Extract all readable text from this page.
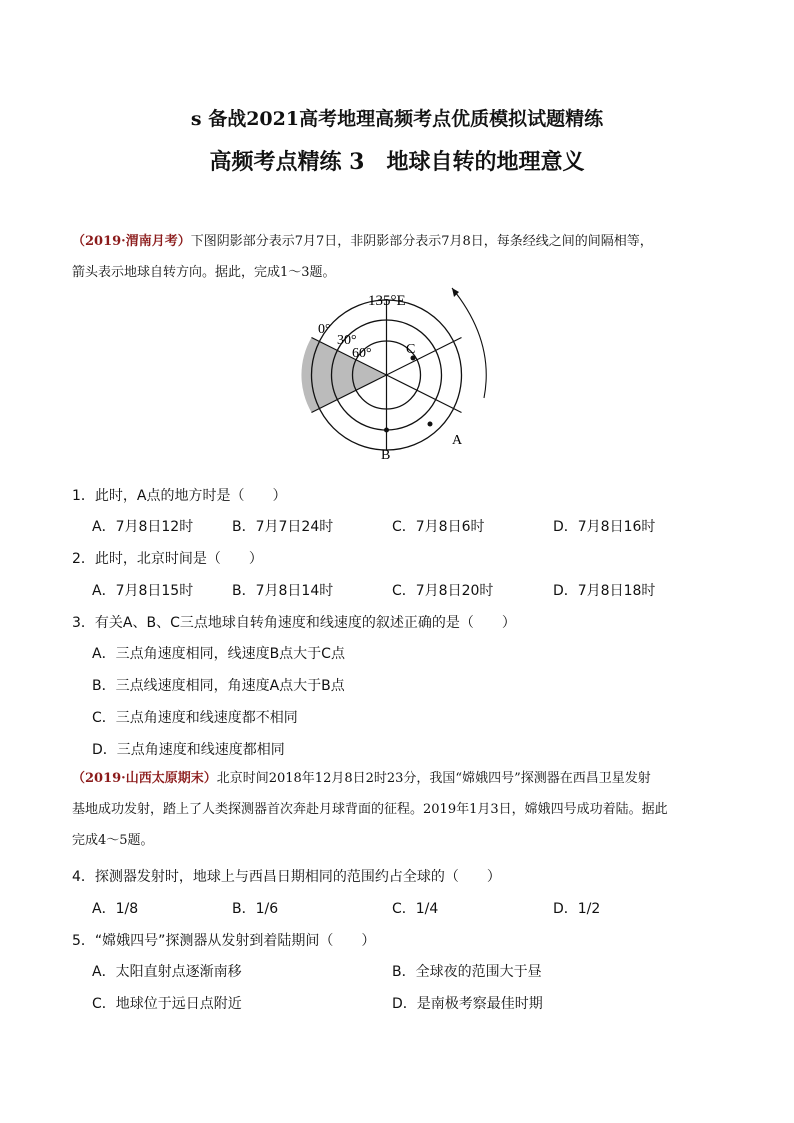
s 备战2021高考地理高频考点优质模拟试题精练
高频考点精练 3　地球自转的地理意义
（2019·渭南月考）下图阴影部分表示7月7日，非阴影部分表示7月8日，每条经线之间的间隔相等，
箭头表示地球自转方向。据此，完成1～3题。
135°E
0°
30°
60° C
A
B
1．此时，A点的地方时是（　　）
A．7月8日12时	B．7月7日24时	C．7月8日6时	D．7月8日16时
2．此时，北京时间是（　　）
A．7月8日15时	B．7月8日14时	C．7月8日20时	D．7月8日18时
3．有关A、B、C三点地球自转角速度和线速度的叙述正确的是（　　）
A．三点角速度相同，线速度B点大于C点
B．三点线速度相同，角速度A点大于B点
C．三点角速度和线速度都不相同
D．三点角速度和线速度都相同
（2019·山西太原期末）北京时间2018年12月8日2时23分，我国“嫦娥四号”探测器在西昌卫星发射
基地成功发射，踏上了人类探测器首次奔赴月球背面的征程。2019年1月3日，嫦娥四号成功着陆。据此
完成4～5题。
4．探测器发射时，地球上与西昌日期相同的范围约占全球的（　　）
A．1/8	B．1/6	C．1/4	D．1/2
5．“嫦娥四号”探测器从发射到着陆期间（　　）
A．太阳直射点逐渐南移	B．全球夜的范围大于昼
C．地球位于远日点附近	D．是南极考察最佳时期
